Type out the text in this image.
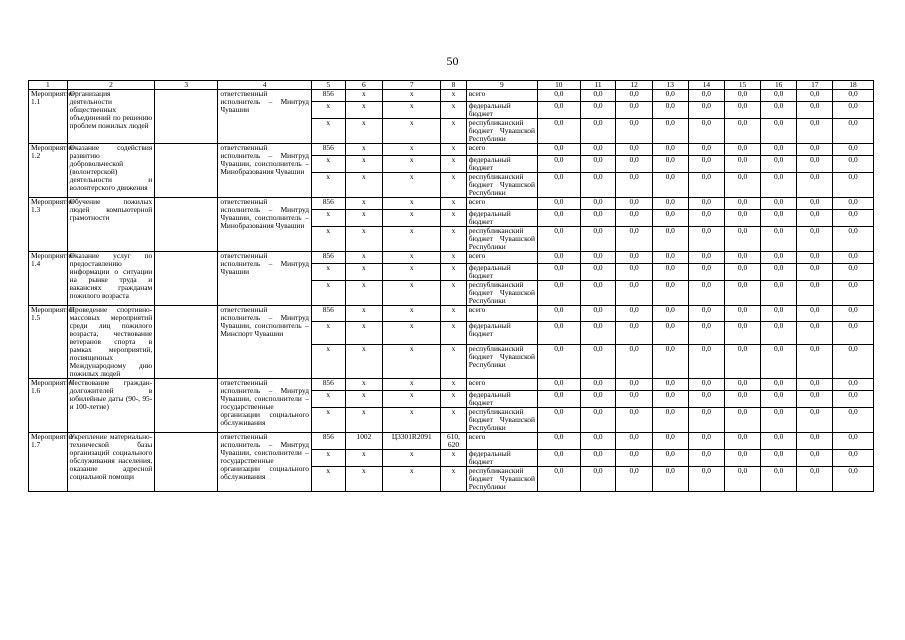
50
1	2	3	4	5	6	7	8	9	10	11	12	13	14	15	16	17	18
Мероприятие 1.1	Организация деятельности общественных объединений по решению проблем пожилых людей		ответственный исполнитель – Минтруд Чувашии	856	x	x	x	всего	0,0	0,0	0,0	0,0	0,0	0,0	0,0	0,0	0,0
				x	x	x	x	федеральный бюджет	0,0	0,0	0,0	0,0	0,0	0,0	0,0	0,0	0,0
				x	x	x	x	республиканский бюджет Чувашской Республики	0,0	0,0	0,0	0,0	0,0	0,0	0,0	0,0	0,0
Мероприятие 1.2	Оказание содействия развитию добровольческой (волонтерской) деятельности и волонтерского движения		ответственный исполнитель – Минтруд Чувашии, соисполнитель – Минобразования Чувашии	856	x	x	x	всего	0,0	0,0	0,0	0,0	0,0	0,0	0,0	0,0	0,0
				x	x	x	x	федеральный бюджет	0,0	0,0	0,0	0,0	0,0	0,0	0,0	0,0	0,0
				x	x	x	x	республиканский бюджет Чувашской Республики	0,0	0,0	0,0	0,0	0,0	0,0	0,0	0,0	0,0
Мероприятие 1.3	Обучение пожилых людей компьютерной грамотности		ответственный исполнитель – Минтруд Чувашии, соисполнитель – Минобразования Чувашии	856	x	x	x	всего	0,0	0,0	0,0	0,0	0,0	0,0	0,0	0,0	0,0
				x	x	x	x	федеральный бюджет	0,0	0,0	0,0	0,0	0,0	0,0	0,0	0,0	0,0
				x	x	x	x	республиканский бюджет Чувашской Республики	0,0	0,0	0,0	0,0	0,0	0,0	0,0	0,0	0,0
Мероприятие 1.4	Оказание услуг по предоставлению информации о ситуации на рынке труда и вакансиях гражданам пожилого возраста		ответственный исполнитель – Минтруд Чувашии	856	x	x	x	всего	0,0	0,0	0,0	0,0	0,0	0,0	0,0	0,0	0,0
				x	x	x	x	федеральный бюджет	0,0	0,0	0,0	0,0	0,0	0,0	0,0	0,0	0,0
				x	x	x	x	республиканский бюджет Чувашской Республики	0,0	0,0	0,0	0,0	0,0	0,0	0,0	0,0	0,0
Мероприятие 1.5	Проведение спортивно-массовых мероприятий среди лиц пожилого возраста, чествование ветеранов спорта в рамках мероприятий, посвященных Международному дню пожилых людей		ответственный исполнитель – Минтруд Чувашии, соисполнитель – Минспорт Чувашии	856	x	x	x	всего	0,0	0,0	0,0	0,0	0,0	0,0	0,0	0,0	0,0
				x	x	x	x	федеральный бюджет	0,0	0,0	0,0	0,0	0,0	0,0	0,0	0,0	0,0
				x	x	x	x	республиканский бюджет Чувашской Республики	0,0	0,0	0,0	0,0	0,0	0,0	0,0	0,0	0,0
Мероприятие 1.6	Чествование граждан-долгожителей в юбилейные даты (90-, 95- и 100-летие)		ответственный исполнитель – Минтруд Чувашии, соисполнители – государственные организации социального обслуживания	856	x	x	x	всего	0,0	0,0	0,0	0,0	0,0	0,0	0,0	0,0	0,0
				x	x	x	x	федеральный бюджет	0,0	0,0	0,0	0,0	0,0	0,0	0,0	0,0	0,0
				x	x	x	x	республиканский бюджет Чувашской Республики	0,0	0,0	0,0	0,0	0,0	0,0	0,0	0,0	0,0
Мероприятие 1.7	Укрепление материально-технической базы организаций социального обслуживания населения, оказание адресной социальной помощи		ответственный исполнитель – Минтруд Чувашии, соисполнители – государственные организации социального обслуживания	856	1002	Ц3301R2091	610, 620	всего	0,0	0,0	0,0	0,0	0,0	0,0	0,0	0,0	0,0
				x	x	x	x	федеральный бюджет	0,0	0,0	0,0	0,0	0,0	0,0	0,0	0,0	0,0
				x	x	x	x	республиканский бюджет Чувашской Республики	0,0	0,0	0,0	0,0	0,0	0,0	0,0	0,0	0,0
